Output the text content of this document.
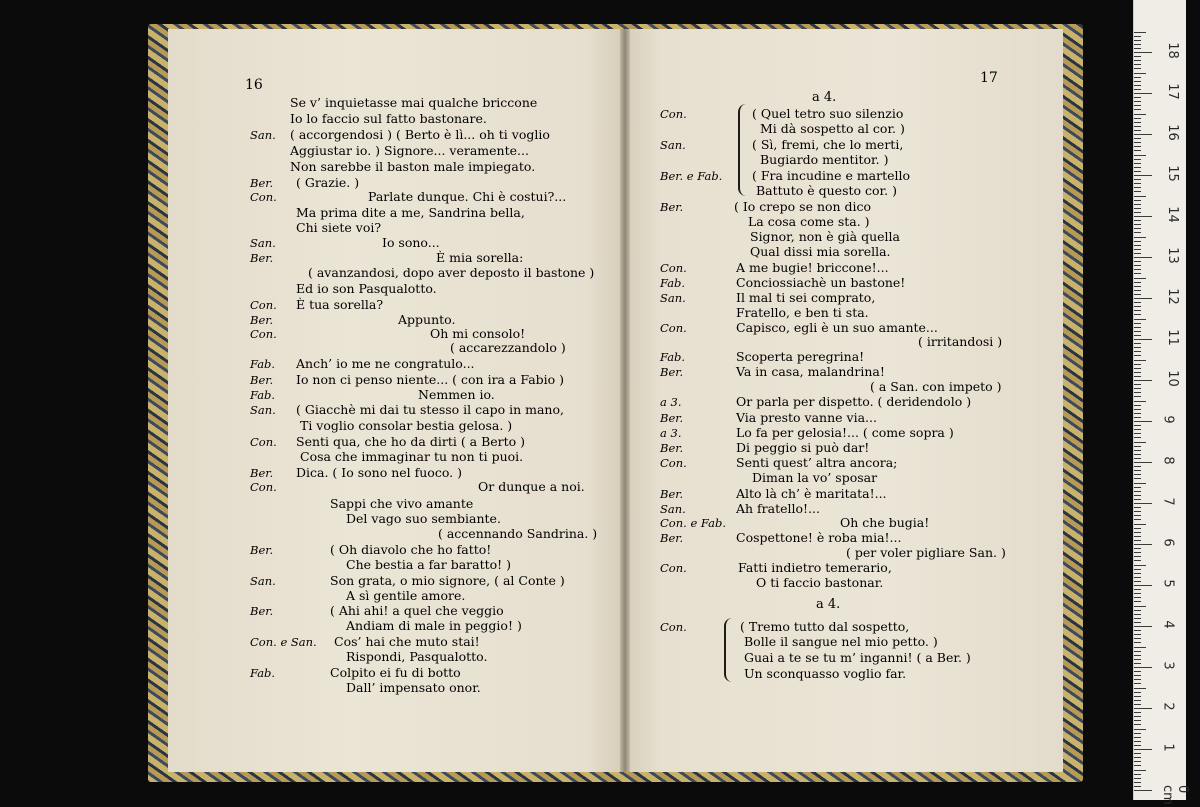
16	17
a 4.
a 4.
Se v’ inquietasse mai qualche briccone
Io lo faccio sul fatto bastonare.
( accorgendosi ) ( Berto è lì... oh ti voglio
San.
Aggiustar io. ) Signore... veramente...
Non sarebbe il baston male impiegato.
( Grazie. )
Ber.
Parlate dunque. Chi è costui?...
Con.
Ma prima dite a me, Sandrina bella,
Chi siete voi?
Io sono...
San.
È mia sorella:
Ber.
( avanzandosi, dopo aver deposto il bastone )
Ed io son Pasqualotto.
È tua sorella?
Con.
Appunto.
Ber.
Oh mi consolo!
Con.
( accarezzandolo )
Anch’ io me ne congratulo...
Fab.
Io non ci penso niente... ( con ira a Fabio )
Ber.
Nemmen io.
Fab.
( Giacchè mi dai tu stesso il capo in mano,
San.
Ti voglio consolar bestia gelosa. )
Senti qua, che ho da dirti ( a Berto )
Con.
Cosa che immaginar tu non ti puoi.
Dica. ( Io sono nel fuoco. )
Ber.
Or dunque a noi.
Con.
Sappi che vivo amante
Del vago suo sembiante.
( accennando Sandrina. )
( Oh diavolo che ho fatto!
Ber.
Che bestia a far baratto! )
Son grata, o mio signore, ( al Conte )
San.
A sì gentile amore.
( Ahi ahi! a quel che veggio
Ber.
Andiam di male in peggio! )
Cos’ hai che muto stai!
Con. e San.
Rispondi, Pasqualotto.
Colpito ei fu di botto
Fab.
Dall’ impensato onor.
( Quel tetro suo silenzio
Con.
Mi dà sospetto al cor. )
( Sì, fremi, che lo merti,
San.
Bugiardo mentitor. )
( Fra incudine e martello
Ber. e Fab.
Battuto è questo cor. )
( Io crepo se non dico
Ber.
La cosa come sta. )
Signor, non è già quella
Qual dissi mia sorella.
A me bugie! briccone!...
Con.
Conciossiachè un bastone!
Fab.
Il mal ti sei comprato,
San.
Fratello, e ben ti sta.
Capisco, egli è un suo amante...
Con.
( irritandosi )
Scoperta peregrina!
Fab.
Va in casa, malandrina!
Ber.
( a San. con impeto )
Or parla per dispetto. ( deridendolo )
a 3.
Via presto vanne via...
Ber.
Lo fa per gelosia!... ( come sopra )
a 3.
Di peggio si può dar!
Ber.
Senti quest’ altra ancora;
Con.
Diman la vo’ sposar
Alto là ch’ è maritata!...
Ber.
Ah fratello!...
San.
Oh che bugia!
Con. e Fab.
Cospettone! è roba mia!...
Ber.
( per voler pigliare San. )
Fatti indietro temerario,
Con.
O ti faccio bastonar.
( Tremo tutto dal sospetto,
Con.
Bolle il sangue nel mio petto. )
Guai a te se tu m’ inganni! ( a Ber. )
Un sconquasso voglio far.
0 cm
1
2
3
4
5
6
7
8
9
10
11
12
13
14
15
16
17
18
